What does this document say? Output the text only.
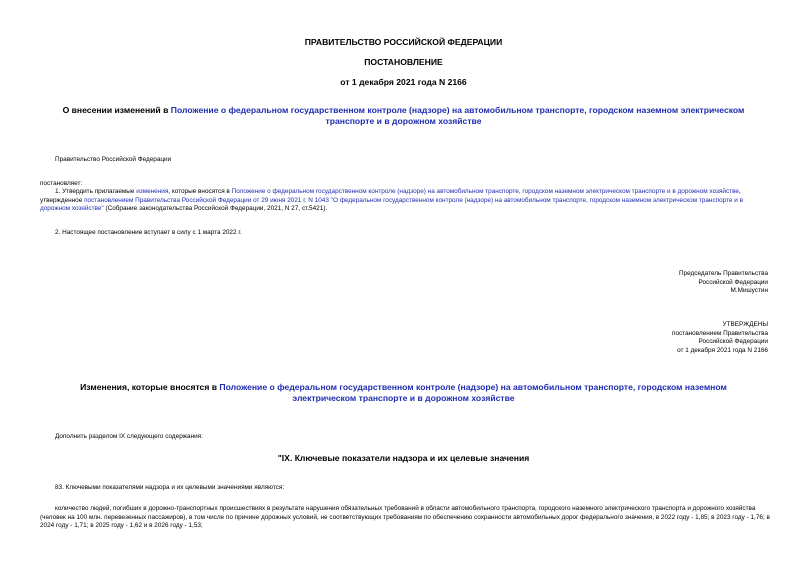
ПРАВИТЕЛЬСТВО РОССИЙСКОЙ ФЕДЕРАЦИИ
ПОСТАНОВЛЕНИЕ
от 1 декабря 2021 года N 2166
О внесении изменений в Положение о федеральном государственном контроле (надзоре) на автомобильном транспорте, городском наземном электрическом транспорте и в дорожном хозяйстве
Правительство Российской Федерации
постановляет:
1. Утвердить прилагаемые изменения, которые вносятся в Положение о федеральном государственном контроле (надзоре) на автомобильном транспорте, городском наземном электрическом транспорте и в дорожном хозяйстве, утвержденное постановлением Правительства Российской Федерации от 29 июня 2021 г. N 1043 "О федеральном государственном контроле (надзоре) на автомобильном транспорте, городском наземном электрическом транспорте и в дорожном хозяйстве" (Собрание законодательства Российской Федерации, 2021, N 27, ст.5421).
2. Настоящее постановление вступает в силу с 1 марта 2022 г.
Председатель Правительства
Российской Федерации
М.Мишустин
УТВЕРЖДЕНЫ
постановлением Правительства
Российской Федерации
от 1 декабря 2021 года N 2166
Изменения, которые вносятся в Положение о федеральном государственном контроле (надзоре) на автомобильном транспорте, городском наземном электрическом транспорте и в дорожном хозяйстве
Дополнить разделом IX следующего содержания:
"IX. Ключевые показатели надзора и их целевые значения
83. Ключевыми показателями надзора и их целевыми значениями являются:
количество людей, погибших в дорожно-транспортных происшествиях в результате нарушения обязательных требований в области автомобильного транспорта, городского наземного электрического транспорта и дорожного хозяйства (человек на 100 млн. перевезенных пассажиров), в том числе по причине дорожных условий, не соответствующих требованиям по обеспечению сохранности автомобильных дорог федерального значения, в 2022 году - 1,85; в 2023 году - 1,76; в 2024 году - 1,71; в 2025 году - 1,62 и в 2026 году - 1,53;
